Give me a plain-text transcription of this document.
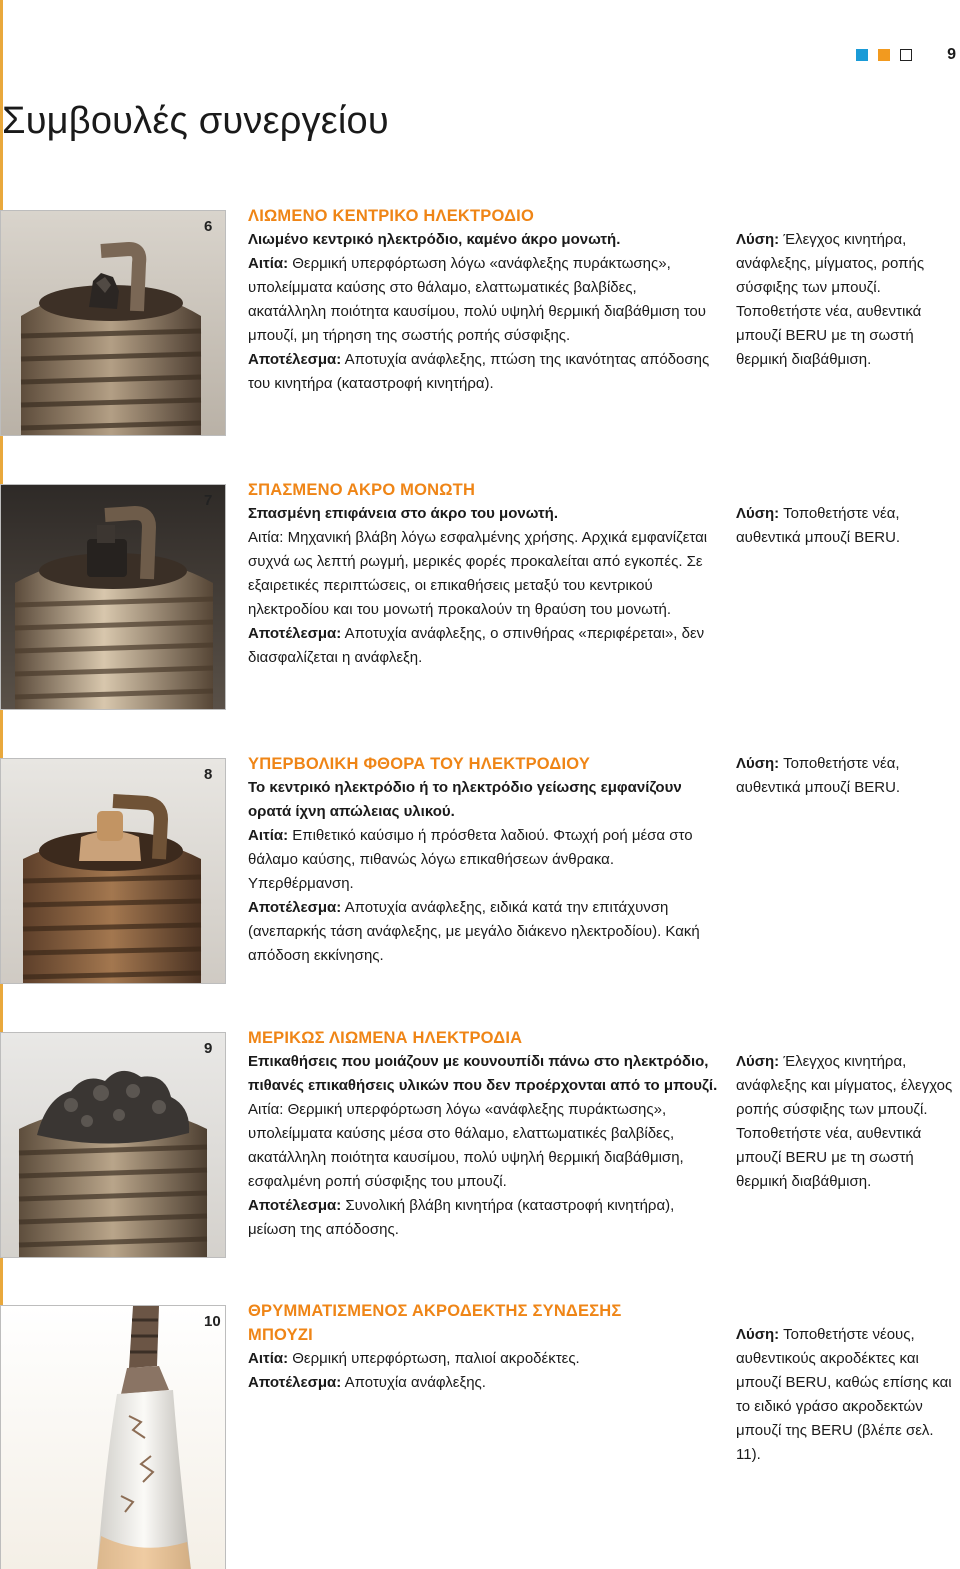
9
Συμβουλές συνεργείου
6
ΛΙΩΜΕΝΟ ΚΕΝΤΡΙΚΟ ΗΛΕΚΤΡΟΔΙΟ
Λιωμένο κεντρικό ηλεκτρόδιο, καμένο άκρο μονωτή.
Αιτία: Θερμική υπερφόρτωση λόγω «ανάφλεξης πυράκτωσης», υπολείμματα καύσης στο θάλαμο, ελαττωματικές βαλβίδες, ακατάλληλη ποιότητα καυσίμου, πολύ υψηλή θερμική διαβάθμιση του μπουζί, μη τήρηση της σωστής ροπής σύσφιξης.
Αποτέλεσμα: Αποτυχία ανάφλεξης, πτώση της ικανότητας απόδοσης του κινητήρα (καταστροφή κινητήρα).
Λύση: Έλεγχος κινητήρα, ανάφλεξης, μίγματος, ροπής σύσφιξης των μπουζί. Τοποθετήστε νέα, αυθεντικά μπουζί BERU με τη σωστή θερμική διαβάθμιση.
7
ΣΠΑΣΜΕΝΟ ΑΚΡΟ ΜΟΝΩΤΗ
Σπασμένη επιφάνεια στο άκρο του μονωτή.
Αιτία: Μηχανική βλάβη λόγω εσφαλμένης χρήσης. Αρχικά εμφανίζεται συχνά ως λεπτή ρωγμή, μερικές φορές προκαλείται από εγκοπές. Σε εξαιρετικές περιπτώσεις, οι επικαθήσεις μεταξύ του κεντρικού ηλεκτροδίου και του μονωτή προκαλούν τη θραύση του μονωτή.
Αποτέλεσμα: Αποτυχία ανάφλεξης, ο σπινθήρας «περιφέρεται», δεν διασφαλίζεται η ανάφλεξη.
Λύση: Τοποθετήστε νέα, αυθεντικά μπουζί BERU.
8
ΥΠΕΡΒΟΛΙΚΗ ΦΘΟΡΑ ΤΟΥ ΗΛΕΚΤΡΟΔΙΟΥ
Το κεντρικό ηλεκτρόδιο ή το ηλεκτρόδιο γείωσης εμφανίζουν ορατά ίχνη απώλειας υλικού.
Αιτία: Επιθετικό καύσιμο ή πρόσθετα λαδιού. Φτωχή ροή μέσα στο θάλαμο καύσης, πιθανώς λόγω επικαθήσεων άνθρακα. Υπερθέρμανση.
Αποτέλεσμα: Αποτυχία ανάφλεξης, ειδικά κατά την επιτάχυνση (ανεπαρκής τάση ανάφλεξης, με μεγάλο διάκενο ηλεκτροδίου). Κακή απόδοση εκκίνησης.
Λύση: Τοποθετήστε νέα, αυθεντικά μπουζί BERU.
9
ΜΕΡΙΚΩΣ ΛΙΩΜΕΝΑ ΗΛΕΚΤΡΟΔΙΑ
Επικαθήσεις που μοιάζουν με κουνουπίδι πάνω στο ηλεκτρόδιο, πιθανές επικαθήσεις υλικών που δεν προέρχονται από το μπουζί.
Αιτία: Θερμική υπερφόρτωση λόγω «ανάφλεξης πυράκτωσης», υπολείμματα καύσης μέσα στο θάλαμο, ελαττωματικές βαλβίδες, ακατάλληλη ποιότητα καυσίμου, πολύ υψηλή θερμική διαβάθμιση, εσφαλμένη ροπή σύσφιξης του μπουζί.
Αποτέλεσμα: Συνολική βλάβη κινητήρα (καταστροφή κινητήρα), μείωση της απόδοσης.
Λύση: Έλεγχος κινητήρα, ανάφλεξης και μίγματος, έλεγχος ροπής σύσφιξης των μπουζί. Τοποθετήστε νέα, αυθεντικά μπουζί BERU με τη σωστή θερμική διαβάθμιση.
10
ΘΡΥΜΜΑΤΙΣΜΕΝΟΣ ΑΚΡΟΔΕΚΤΗΣ ΣΥΝΔΕΣΗΣ ΜΠΟΥΖΙ
Αιτία: Θερμική υπερφόρτωση, παλιοί ακροδέκτες.
Αποτέλεσμα: Αποτυχία ανάφλεξης.
Λύση: Τοποθετήστε νέους, αυθεντικούς ακροδέκτες και μπουζί BERU, καθώς επίσης και το ειδικό γράσο ακροδεκτών μπουζί της BERU (βλέπε σελ. 11).
